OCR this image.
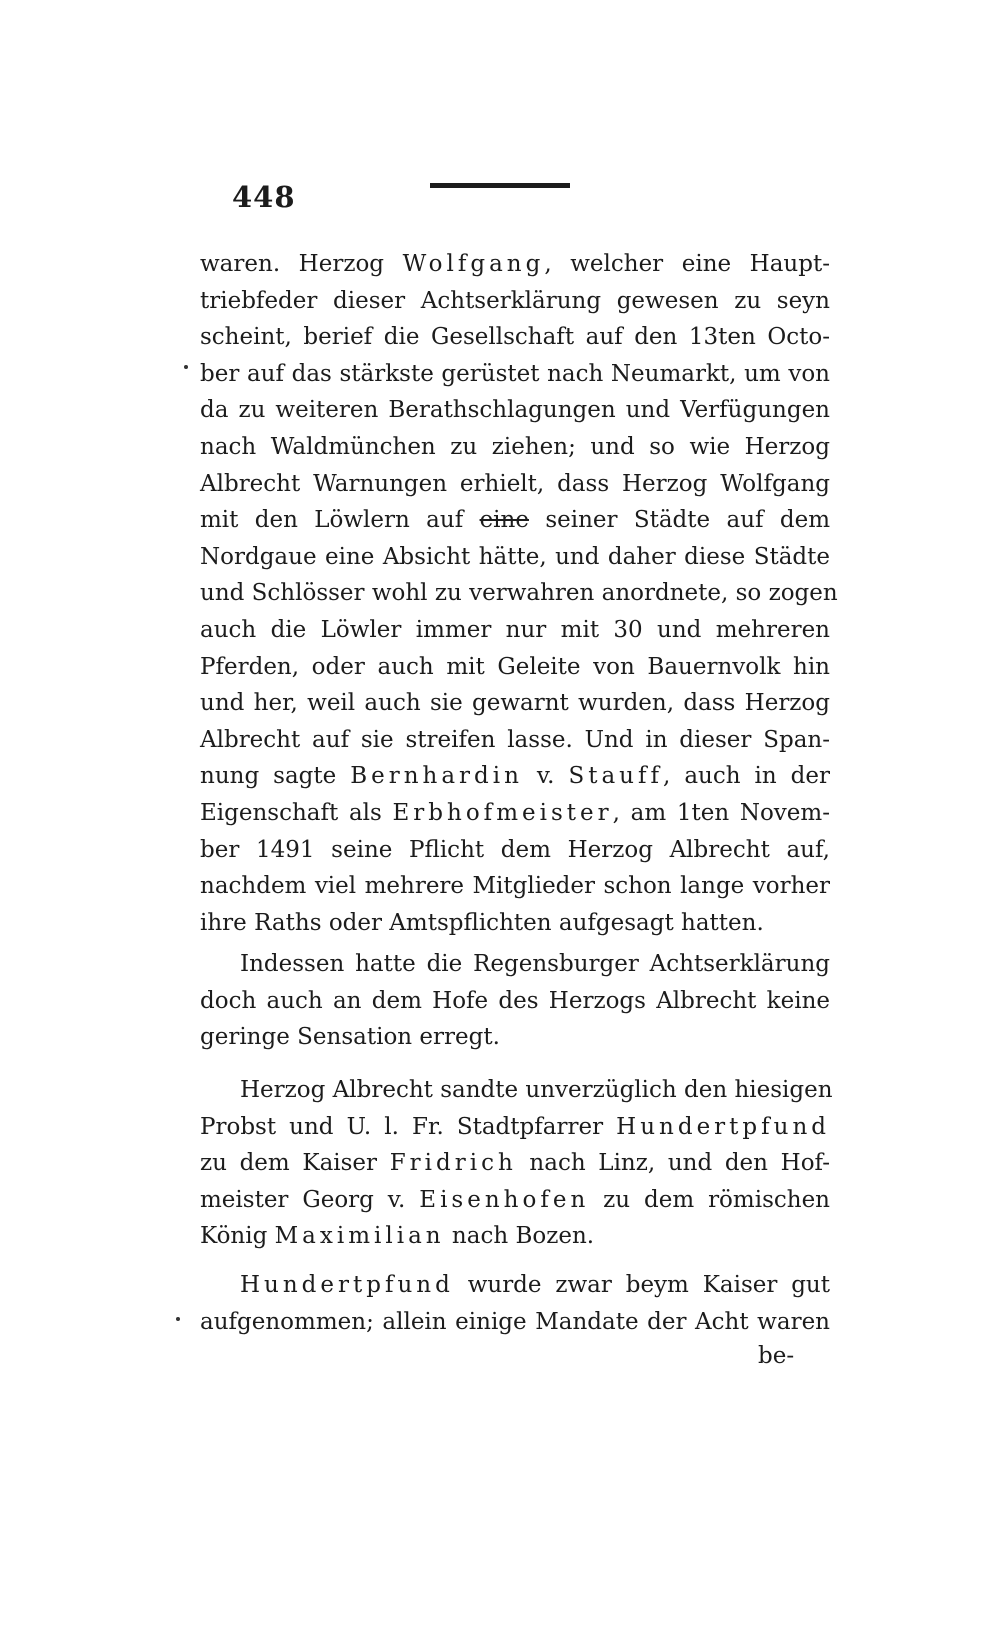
448
waren. Herzog Wolfgang, welcher eine Haupt-
triebfeder dieser Achtserklärung gewesen zu seyn
scheint, berief die Gesellschaft auf den 13ten Octo-
ber auf das stärkste gerüstet nach Neumarkt, um von
da zu weiteren Berathschlagungen und Verfügungen
nach Waldmünchen zu ziehen; und so wie Herzog
Albrecht Warnungen erhielt, dass Herzog Wolfgang
mit den Löwlern auf eine seiner Städte auf dem
Nordgaue eine Absicht hätte, und daher diese Städte
und Schlösser wohl zu verwahren anordnete, so zogen
auch die Löwler immer nur mit 30 und mehreren
Pferden, oder auch mit Geleite von Bauernvolk hin
und her, weil auch sie gewarnt wurden, dass Herzog
Albrecht auf sie streifen lasse. Und in dieser Span-
nung sagte Bernhardin v. Stauff, auch in der
Eigenschaft als Erbhofmeister, am 1ten Novem-
ber 1491 seine Pflicht dem Herzog Albrecht auf,
nachdem viel mehrere Mitglieder schon lange vorher
ihre Raths oder Amtspflichten aufgesagt hatten.
Indessen hatte die Regensburger Achtserklärung
doch auch an dem Hofe des Herzogs Albrecht keine
geringe Sensation erregt.
Herzog Albrecht sandte unverzüglich den hiesigen
Probst und U. l. Fr. Stadtpfarrer Hundertpfund
zu dem Kaiser Fridrich nach Linz, und den Hof-
meister Georg v. Eisenhofen zu dem römischen
König Maximilian nach Bozen.
Hundertpfund wurde zwar beym Kaiser gut
aufgenommen; allein einige Mandate der Acht waren
be-
